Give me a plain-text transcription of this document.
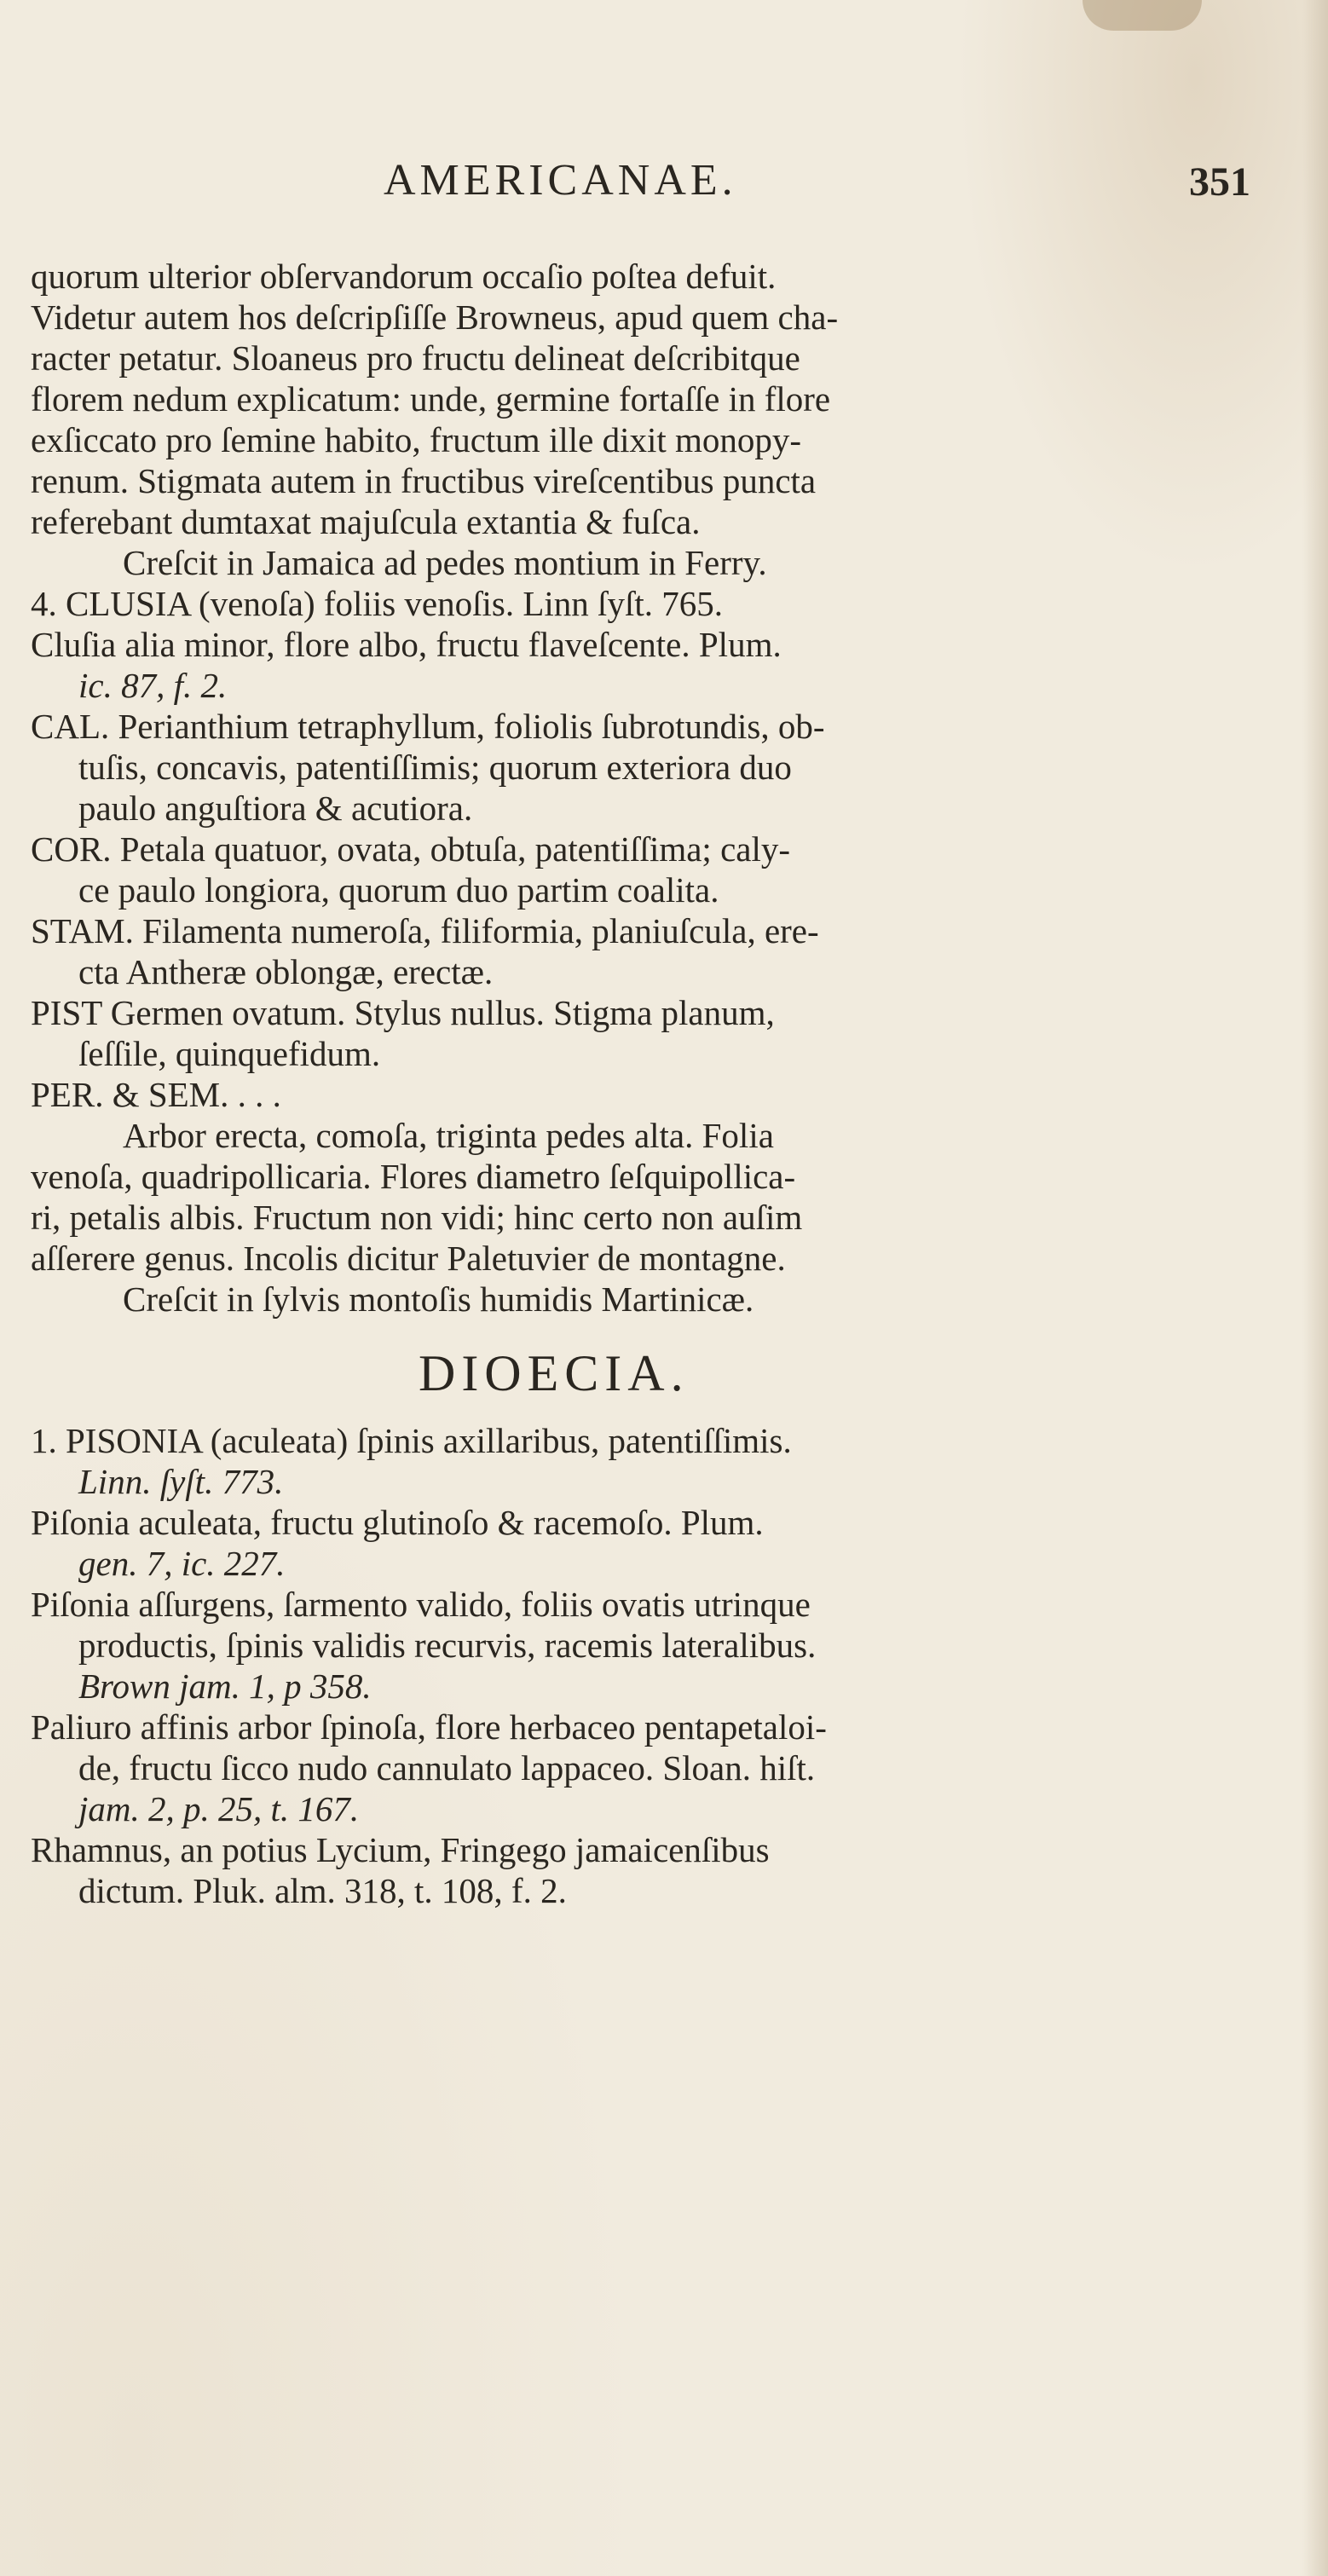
AMERICANAE.	351
quorum ulterior obſervandorum occaſio poſtea defuit.
Videtur autem hos deſcripſiſſe Browneus, apud quem cha-
racter petatur. Sloaneus pro fructu delineat deſcribitque
florem nedum explicatum: unde, germine fortaſſe in flore
exſiccato pro ſemine habito, fructum ille dixit monopy-
renum. Stigmata autem in fructibus vireſcentibus puncta
referebant dumtaxat majuſcula extantia & fuſca.
Creſcit in Jamaica ad pedes montium in Ferry.
4. CLUSIA (venoſa) foliis venoſis. Linn ſyſt. 765.
Cluſia alia minor, flore albo, fructu flaveſcente. Plum.
ic. 87, f. 2.
CAL. Perianthium tetraphyllum, foliolis ſubrotundis, ob-
tuſis, concavis, patentiſſimis; quorum exteriora duo
paulo anguſtiora & acutiora.
COR. Petala quatuor, ovata, obtuſa, patentiſſima; caly-
ce paulo longiora, quorum duo partim coalita.
STAM. Filamenta numeroſa, filiformia, planiuſcula, ere-
cta Antheræ oblongæ, erectæ.
PIST Germen ovatum. Stylus nullus. Stigma planum,
ſeſſile, quinquefidum.
PER. & SEM. . . .
Arbor erecta, comoſa, triginta pedes alta. Folia
venoſa, quadripollicaria. Flores diametro ſeſquipollica-
ri, petalis albis. Fructum non vidi; hinc certo non auſim
aſſerere genus. Incolis dicitur Paletuvier de montagne.
Creſcit in ſylvis montoſis humidis Martinicæ.
DIOECIA.
1. PISONIA (aculeata) ſpinis axillaribus, patentiſſimis.
Linn. ſyſt. 773.
Piſonia aculeata, fructu glutinoſo & racemoſo. Plum.
gen. 7, ic. 227.
Piſonia aſſurgens, ſarmento valido, foliis ovatis utrinque
productis, ſpinis validis recurvis, racemis lateralibus.
Brown jam. 1, p 358.
Paliuro affinis arbor ſpinoſa, flore herbaceo pentapetaloi-
de, fructu ſicco nudo cannulato lappaceo. Sloan. hiſt.
jam. 2, p. 25, t. 167.
Rhamnus, an potius Lycium, Fringego jamaicenſibus
dictum. Pluk. alm. 318, t. 108, f. 2.
